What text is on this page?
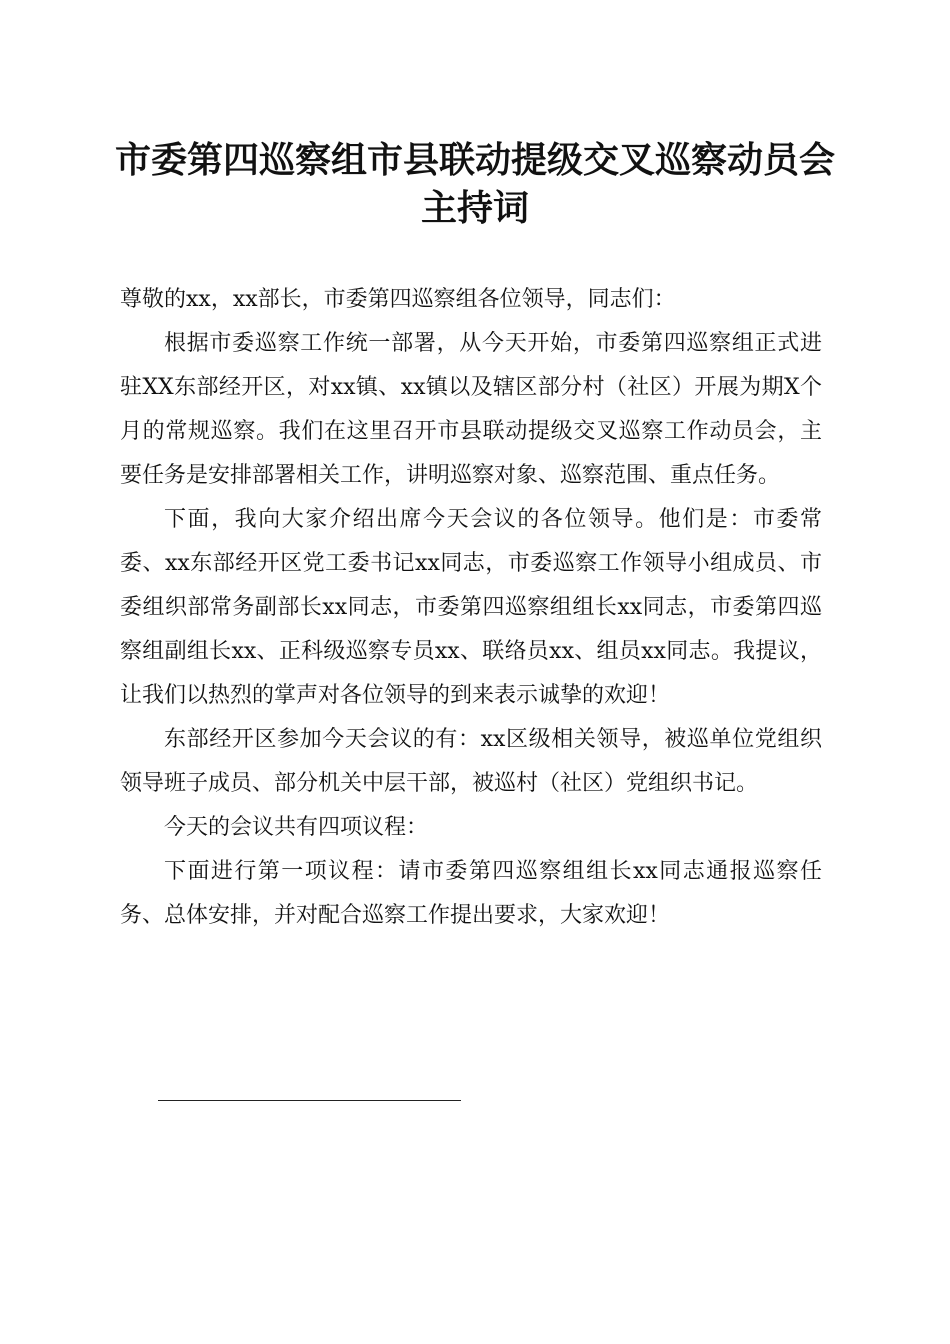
市委第四巡察组市县联动提级交叉巡察动员会
主持词

尊敬的xx，xx部长，市委第四巡察组各位领导，同志们：

根据市委巡察工作统一部署，从今天开始，市委第四巡察组正式进驻XX东部经开区，对xx镇、xx镇以及辖区部分村（社区）开展为期X个月的常规巡察。我们在这里召开市县联动提级交叉巡察工作动员会，主要任务是安排部署相关工作，讲明巡察对象、巡察范围、重点任务。

下面，我向大家介绍出席今天会议的各位领导。他们是：市委常委、xx东部经开区党工委书记xx同志，市委巡察工作领导小组成员、市委组织部常务副部长xx同志，市委第四巡察组组长xx同志，市委第四巡察组副组长xx、正科级巡察专员xx、联络员xx、组员xx同志。我提议，让我们以热烈的掌声对各位领导的到来表示诚挚的欢迎！

东部经开区参加今天会议的有：xx区级相关领导，被巡单位党组织领导班子成员、部分机关中层干部，被巡村（社区）党组织书记。

今天的会议共有四项议程：

下面进行第一项议程：请市委第四巡察组组长xx同志通报巡察任务、总体安排，并对配合巡察工作提出要求，大家欢迎！
